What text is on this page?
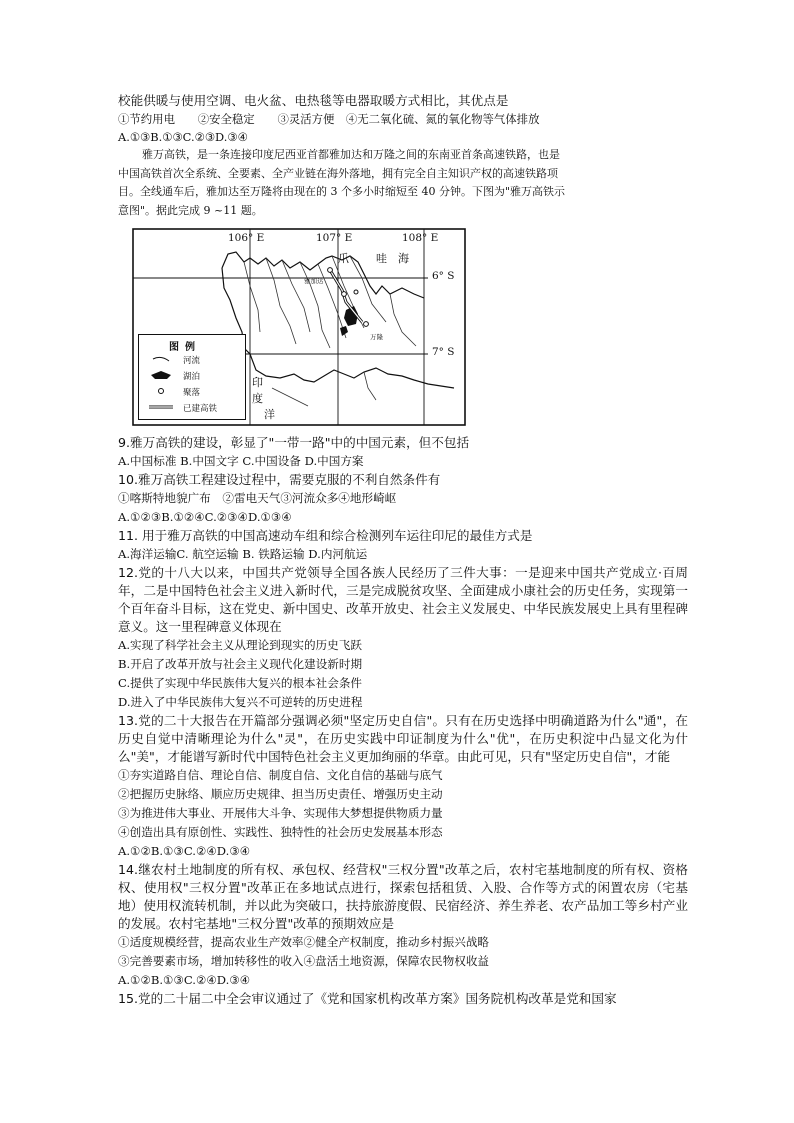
校能供暖与使用空调、电火盆、电热毯等电器取暖方式相比，其优点是

①节约用电　　②安全稳定　　③灵活方便　④无二氧化硫、氮的氧化物等气体排放

A.①③B.①③C.②③D.③④

雅万高铁，是一条连接印度尼西亚首都雅加达和万隆之间的东南亚首条高速铁路，也是

中国高铁首次全系统、全要素、全产业链在海外落地，拥有完全自主知识产权的高速铁路项

目。全线通车后，雅加达至万隆将由现在的 3 个多小时缩短至 40 分钟。下图为"雅万高铁示

意图"。据此完成 9 ~11 题。

106° E	107° E	108° E
6° S
7° S
爪 哇 海
印
度
洋
雅加达
万隆
图例
河流
湖泊
聚落
已建高铁

9.雅万高铁的建设，彰显了"一带一路"中的中国元素，但不包括

A.中国标准 B.中国文字 C.中国设备 D.中国方案

10.雅万高铁工程建设过程中，需要克服的不利自然条件有

①喀斯特地貌广布　②雷电天气③河流众多④地形崎岖

A.①②③B.①②④C.②③④D.①③④

11. 用于雅万高铁的中国高速动车组和综合检测列车运往印尼的最佳方式是

A.海洋运输C. 航空运输 B. 铁路运输 D.内河航运

12.党的十八大以来，中国共产党领导全国各族人民经历了三件大事：一是迎来中国共产党成立·百周年，二是中国特色社会主义进入新时代，三是完成脱贫攻坚、全面建成小康社会的历史任务，实现第一个百年奋斗目标，这在党史、新中国史、改革开放史、社会主义发展史、中华民族发展史上具有里程碑意义。这一里程碑意义体现在

A.实现了科学社会主义从理论到现实的历史飞跃

B.开启了改革开放与社会主义现代化建设新时期

C.提供了实现中华民族伟大复兴的根本社会条件

D.进入了中华民族伟大复兴不可逆转的历史进程

13.党的二十大报告在开篇部分强调必须"坚定历史自信"。只有在历史选择中明确道路为什么"通"，在历史自觉中清晰理论为什么"灵"，在历史实践中印证制度为什么"优"，在历史积淀中凸显文化为什么"美"，才能谱写新时代中国特色社会主义更加绚丽的华章。由此可见，只有"坚定历史自信"，才能

①夯实道路自信、理论自信、制度自信、文化自信的基础与底气

②把握历史脉络、顺应历史规律、担当历史责任、增强历史主动

③为推进伟大事业、开展伟大斗争、实现伟大梦想提供物质力量

④创造出具有原创性、实践性、独特性的社会历史发展基本形态

A.①②B.①③C.②④D.③④

14.继农村土地制度的所有权、承包权、经营权"三权分置"改革之后，农村宅基地制度的所有权、资格权、使用权"三权分置"改革正在多地试点进行，探索包括租赁、入股、合作等方式的闲置农房（宅基地）使用权流转机制，并以此为突破口，扶持旅游度假、民宿经济、养生养老、农产品加工等乡村产业的发展。农村宅基地"三权分置"改革的预期效应是

①适度规模经营，提高农业生产效率②健全产权制度，推动乡村振兴战略

③完善要素市场，增加转移性的收入④盘活土地资源，保障农民物权收益

A.①②B.①③C.②④D.③④

15.党的二十届二中全会审议通过了《党和国家机构改革方案》国务院机构改革是党和国家
